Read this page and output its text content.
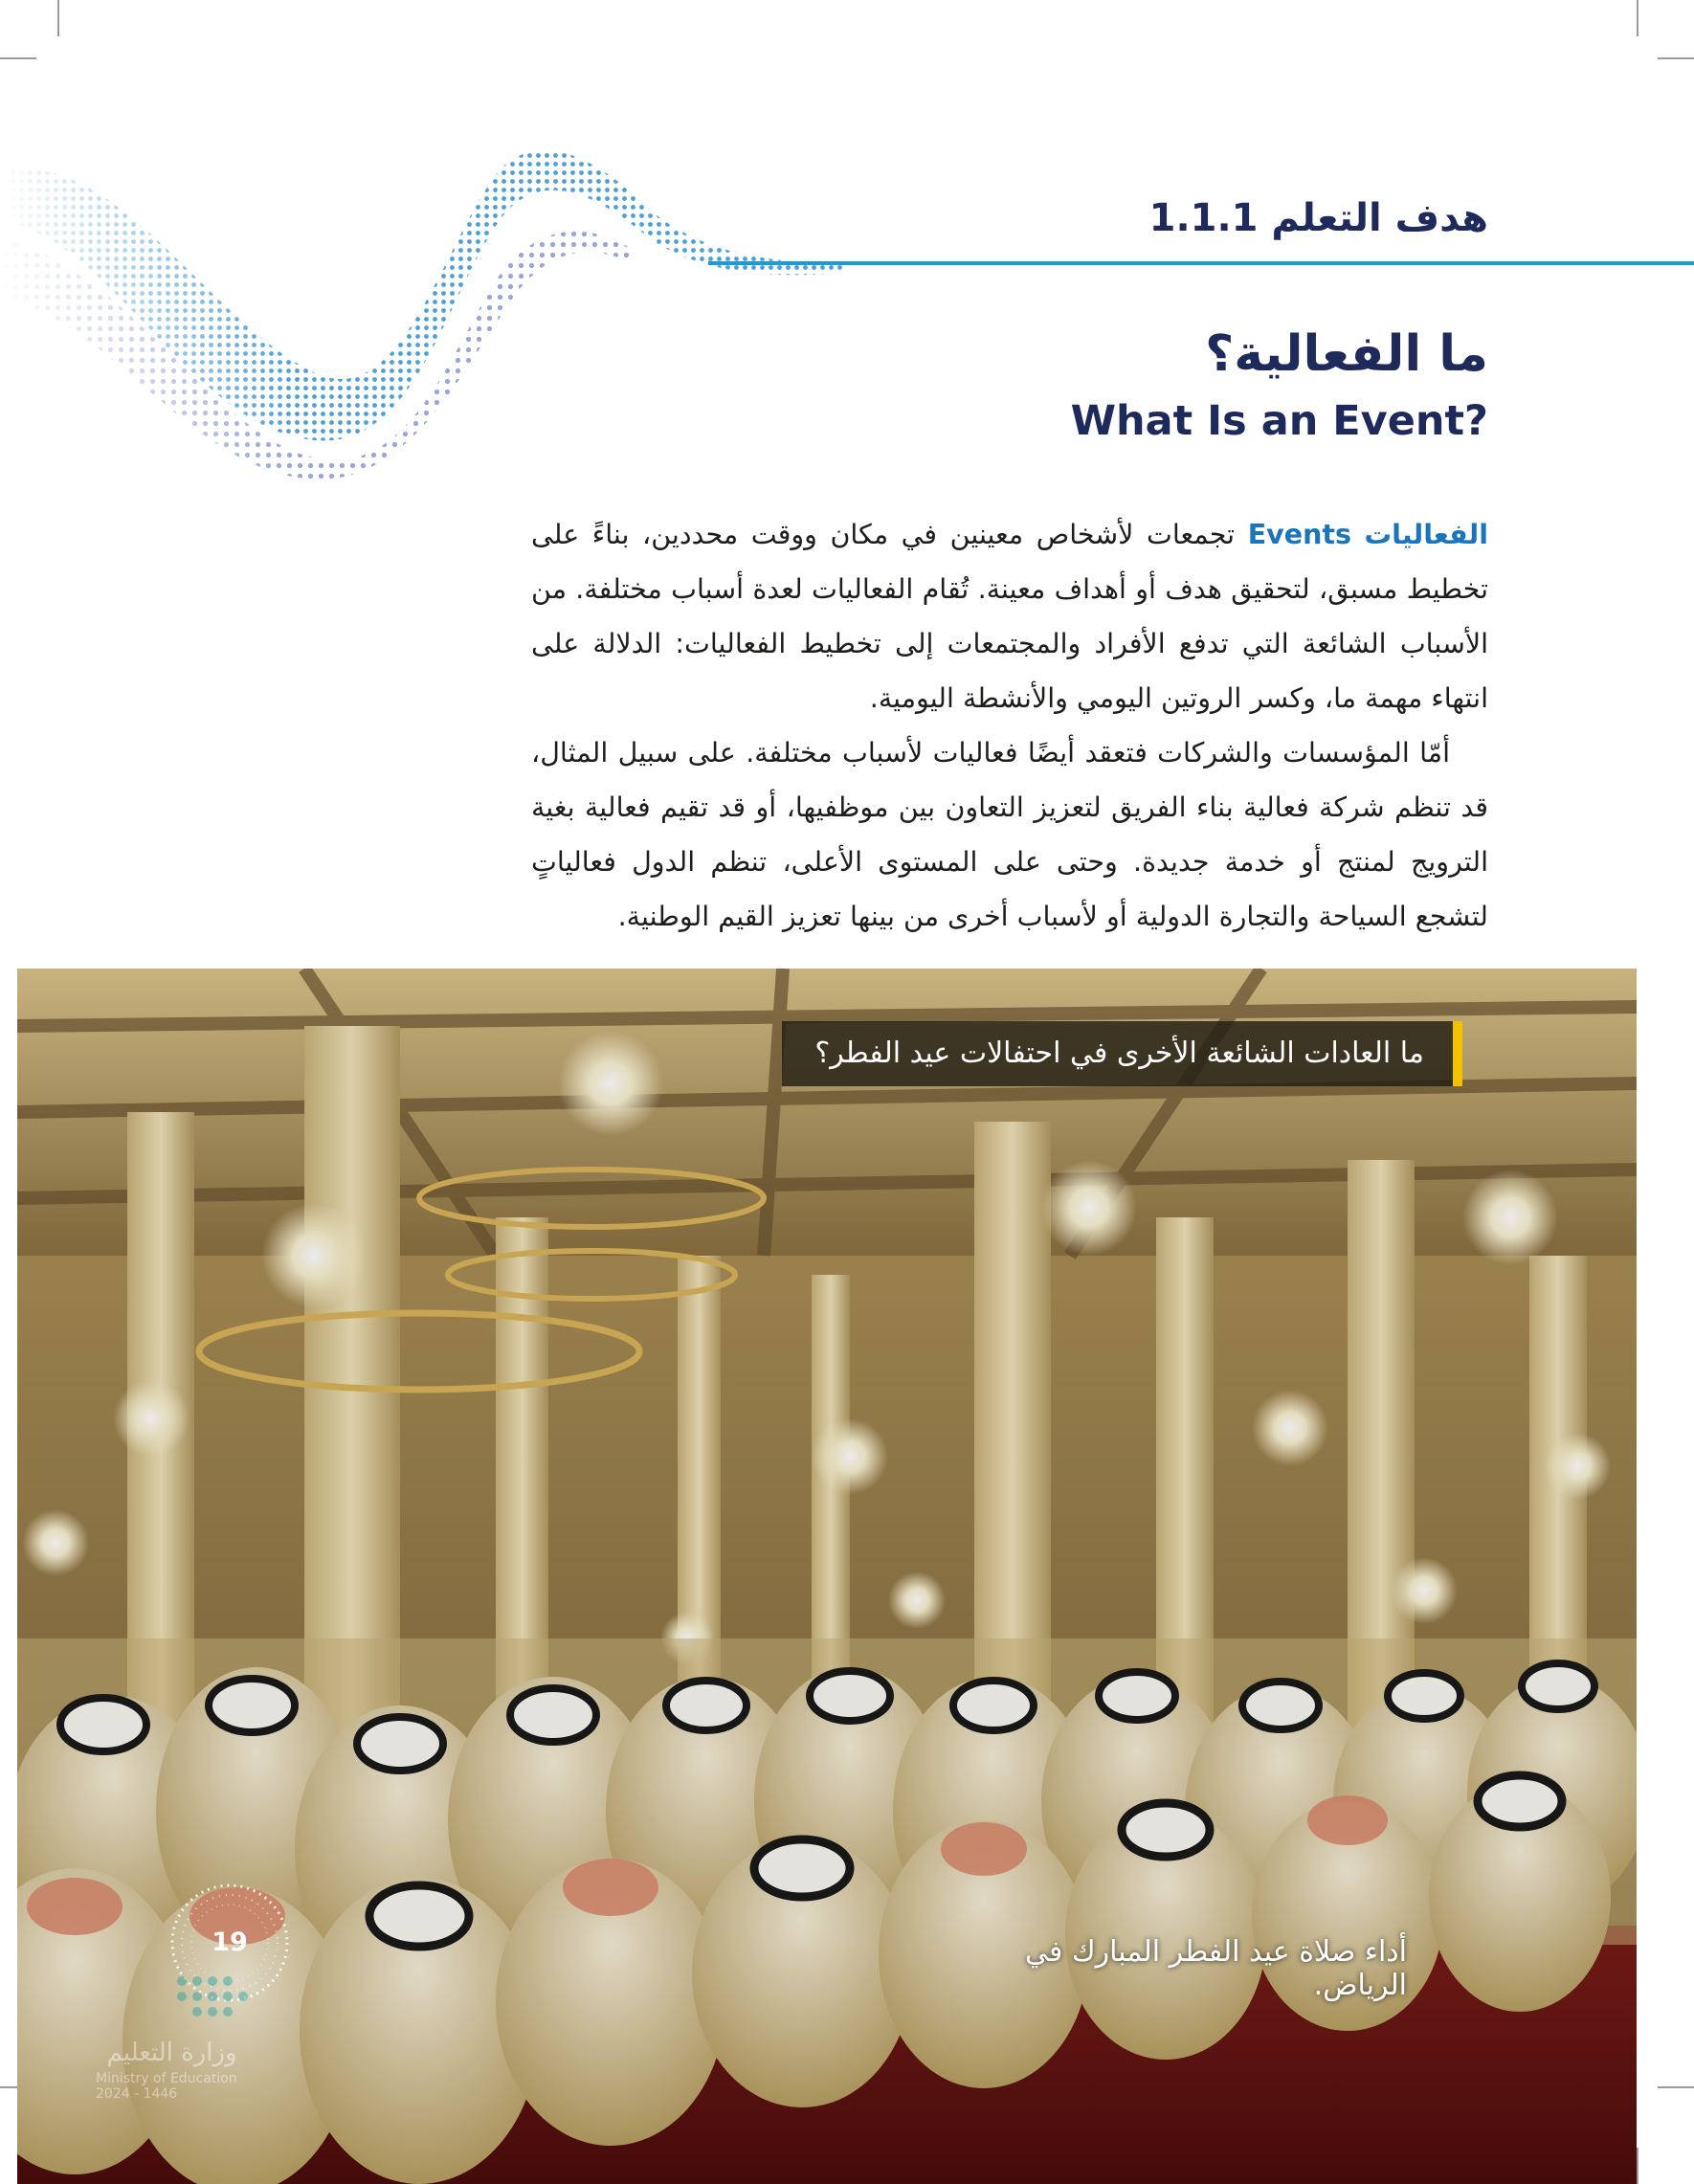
هدف التعلم 1.1.1
ما الفعالية؟
What Is an Event?

الفعاليات Events تجمعات لأشخاص معينين في مكان ووقت محددين، بناءً على تخطيط مسبق، لتحقيق هدف أو أهداف معينة. تُقام الفعاليات لعدة أسباب مختلفة. من الأسباب الشائعة التي تدفع الأفراد والمجتمعات إلى تخطيط الفعاليات: الدلالة على انتهاء مهمة ما، وكسر الروتين اليومي والأنشطة اليومية.

أمّا المؤسسات والشركات فتعقد أيضًا فعاليات لأسباب مختلفة. على سبيل المثال، قد تنظم شركة فعالية بناء الفريق لتعزيز التعاون بين موظفيها، أو قد تقيم فعالية بغية الترويج لمنتج أو خدمة جديدة. وحتى على المستوى الأعلى، تنظم الدول فعالياتٍ لتشجع السياحة والتجارة الدولية أو لأسباب أخرى من بينها تعزيز القيم الوطنية.

19
وزارة التعليم
Ministry of Education
2024 - 1446
ما العادات الشائعة الأخرى في احتفالات عيد الفطر؟
أداء صلاة عيد الفطر المبارك في الرياض.
